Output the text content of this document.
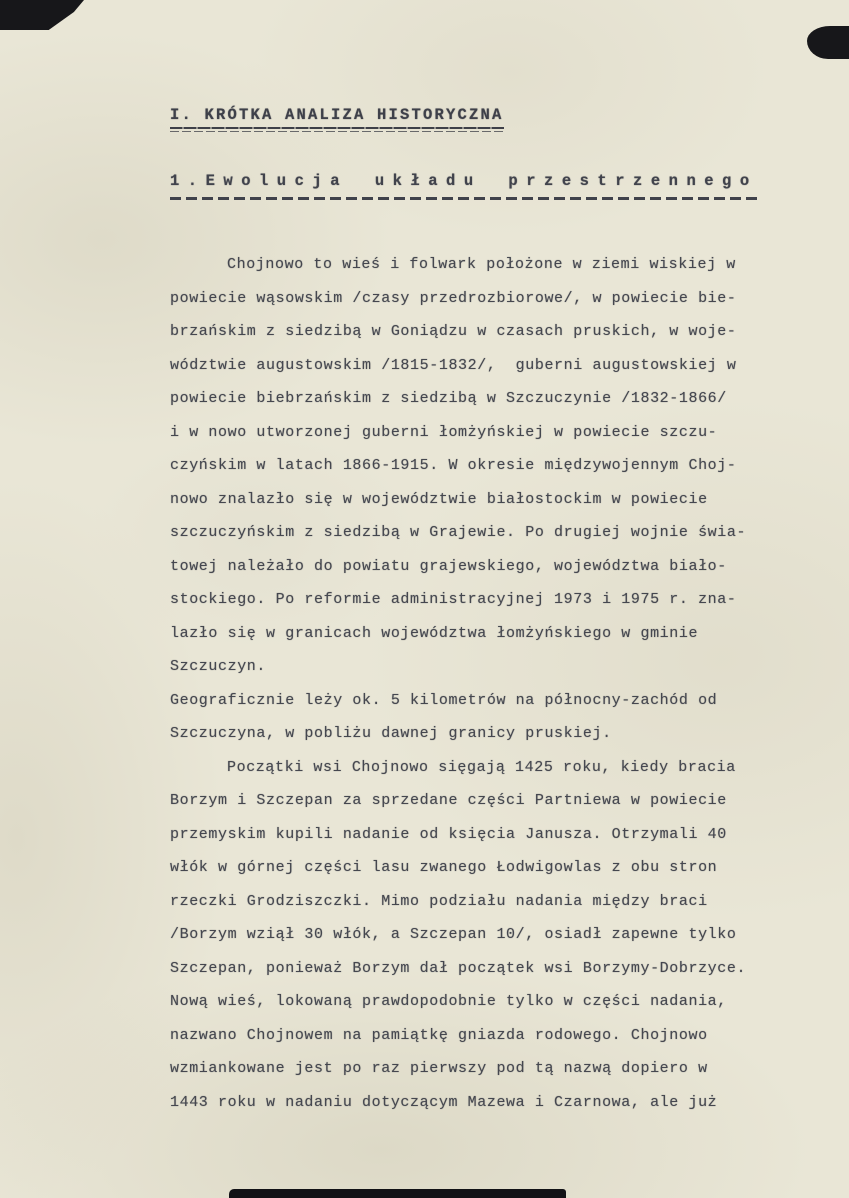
I. KRÓTKA ANALIZA HISTORYCZNA
1.Ewolucja układu przestrzennego
Chojnowo to wieś i folwark położone w ziemi wiskiej w
powiecie wąsowskim /czasy przedrozbiorowe/, w powiecie bie-
brzańskim z siedzibą w Goniądzu w czasach pruskich, w woje-
wództwie augustowskim /1815-1832/,  guberni augustowskiej w
powiecie biebrzańskim z siedzibą w Szczuczynie /1832-1866/
i w nowo utworzonej guberni łomżyńskiej w powiecie szczu-
czyńskim w latach 1866-1915. W okresie międzywojennym Choj-
nowo znalazło się w województwie białostockim w powiecie
szczuczyńskim z siedzibą w Grajewie. Po drugiej wojnie świa-
towej należało do powiatu grajewskiego, województwa biało-
stockiego. Po reformie administracyjnej 1973 i 1975 r. zna-
lazło się w granicach województwa łomżyńskiego w gminie
Szczuczyn.
Geograficznie leży ok. 5 kilometrów na północny-zachód od
Szczuczyna, w pobliżu dawnej granicy pruskiej.
Początki wsi Chojnowo sięgają 1425 roku, kiedy bracia
Borzym i Szczepan za sprzedane części Partniewa w powiecie
przemyskim kupili nadanie od księcia Janusza. Otrzymali 40
włók w górnej części lasu zwanego Łodwigowlas z obu stron
rzeczki Grodziszczki. Mimo podziału nadania między braci
/Borzym wziął 30 włók, a Szczepan 10/, osiadł zapewne tylko
Szczepan, ponieważ Borzym dał początek wsi Borzymy-Dobrzyce.
Nową wieś, lokowaną prawdopodobnie tylko w części nadania,
nazwano Chojnowem na pamiątkę gniazda rodowego. Chojnowo
wzmiankowane jest po raz pierwszy pod tą nazwą dopiero w
1443 roku w nadaniu dotyczącym Mazewa i Czarnowa, ale już
